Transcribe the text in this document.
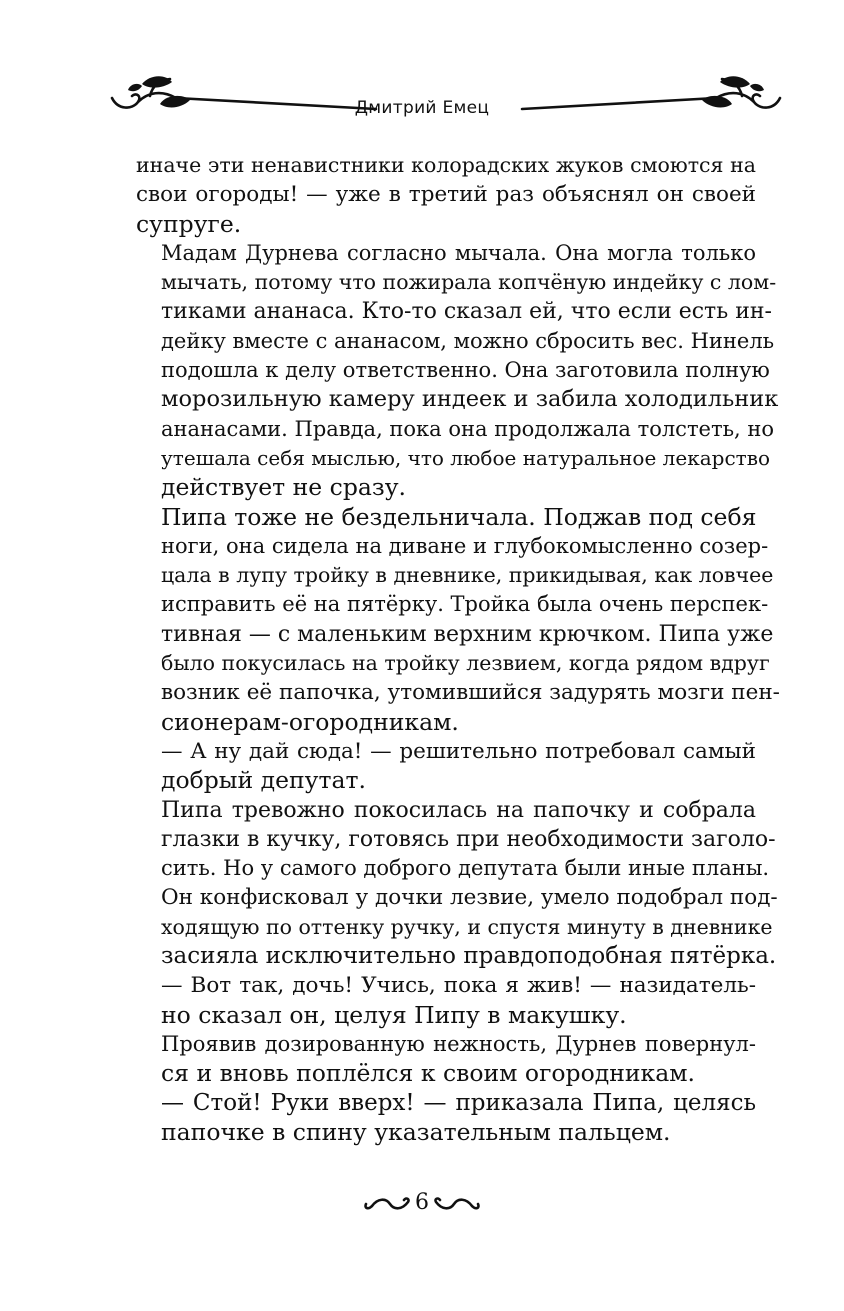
Дмитрий Емец

иначе эти ненавистники колорадских жуков смоются на
свои огороды! — уже в третий раз объяснял он своей
супруге.

Мадам Дурнева согласно мычала. Она могла только
мычать, потому что пожирала копчёную индейку с лом-
тиками ананаса. Кто-то сказал ей, что если есть ин-
дейку вместе с ананасом, можно сбросить вес. Нинель
подошла к делу ответственно. Она заготовила полную
морозильную камеру индеек и забила холодильник
ананасами. Правда, пока она продолжала толстеть, но
утешала себя мыслью, что любое натуральное лекарство
действует не сразу.

Пипа тоже не бездельничала. Поджав под себя
ноги, она сидела на диване и глубокомысленно созер-
цала в лупу тройку в дневнике, прикидывая, как ловчее
исправить её на пятёрку. Тройка была очень перспек-
тивная — с маленьким верхним крючком. Пипа уже
было покусилась на тройку лезвием, когда рядом вдруг
возник её папочка, утомившийся задурять мозги пен-
сионерам-огородникам.

— А ну дай сюда! — решительно потребовал самый
добрый депутат.

Пипа тревожно покосилась на папочку и собрала
глазки в кучку, готовясь при необходимости заголо-
сить. Но у самого доброго депутата были иные планы.
Он конфисковал у дочки лезвие, умело подобрал под-
ходящую по оттенку ручку, и спустя минуту в дневнике
засияла исключительно правдоподобная пятёрка.

— Вот так, дочь! Учись, пока я жив! — назидатель-
но сказал он, целуя Пипу в макушку.

Проявив дозированную нежность, Дурнев повернул-
ся и вновь поплёлся к своим огородникам.

— Стой! Руки вверх! — приказала Пипа, целясь
папочке в спину указательным пальцем.

6
